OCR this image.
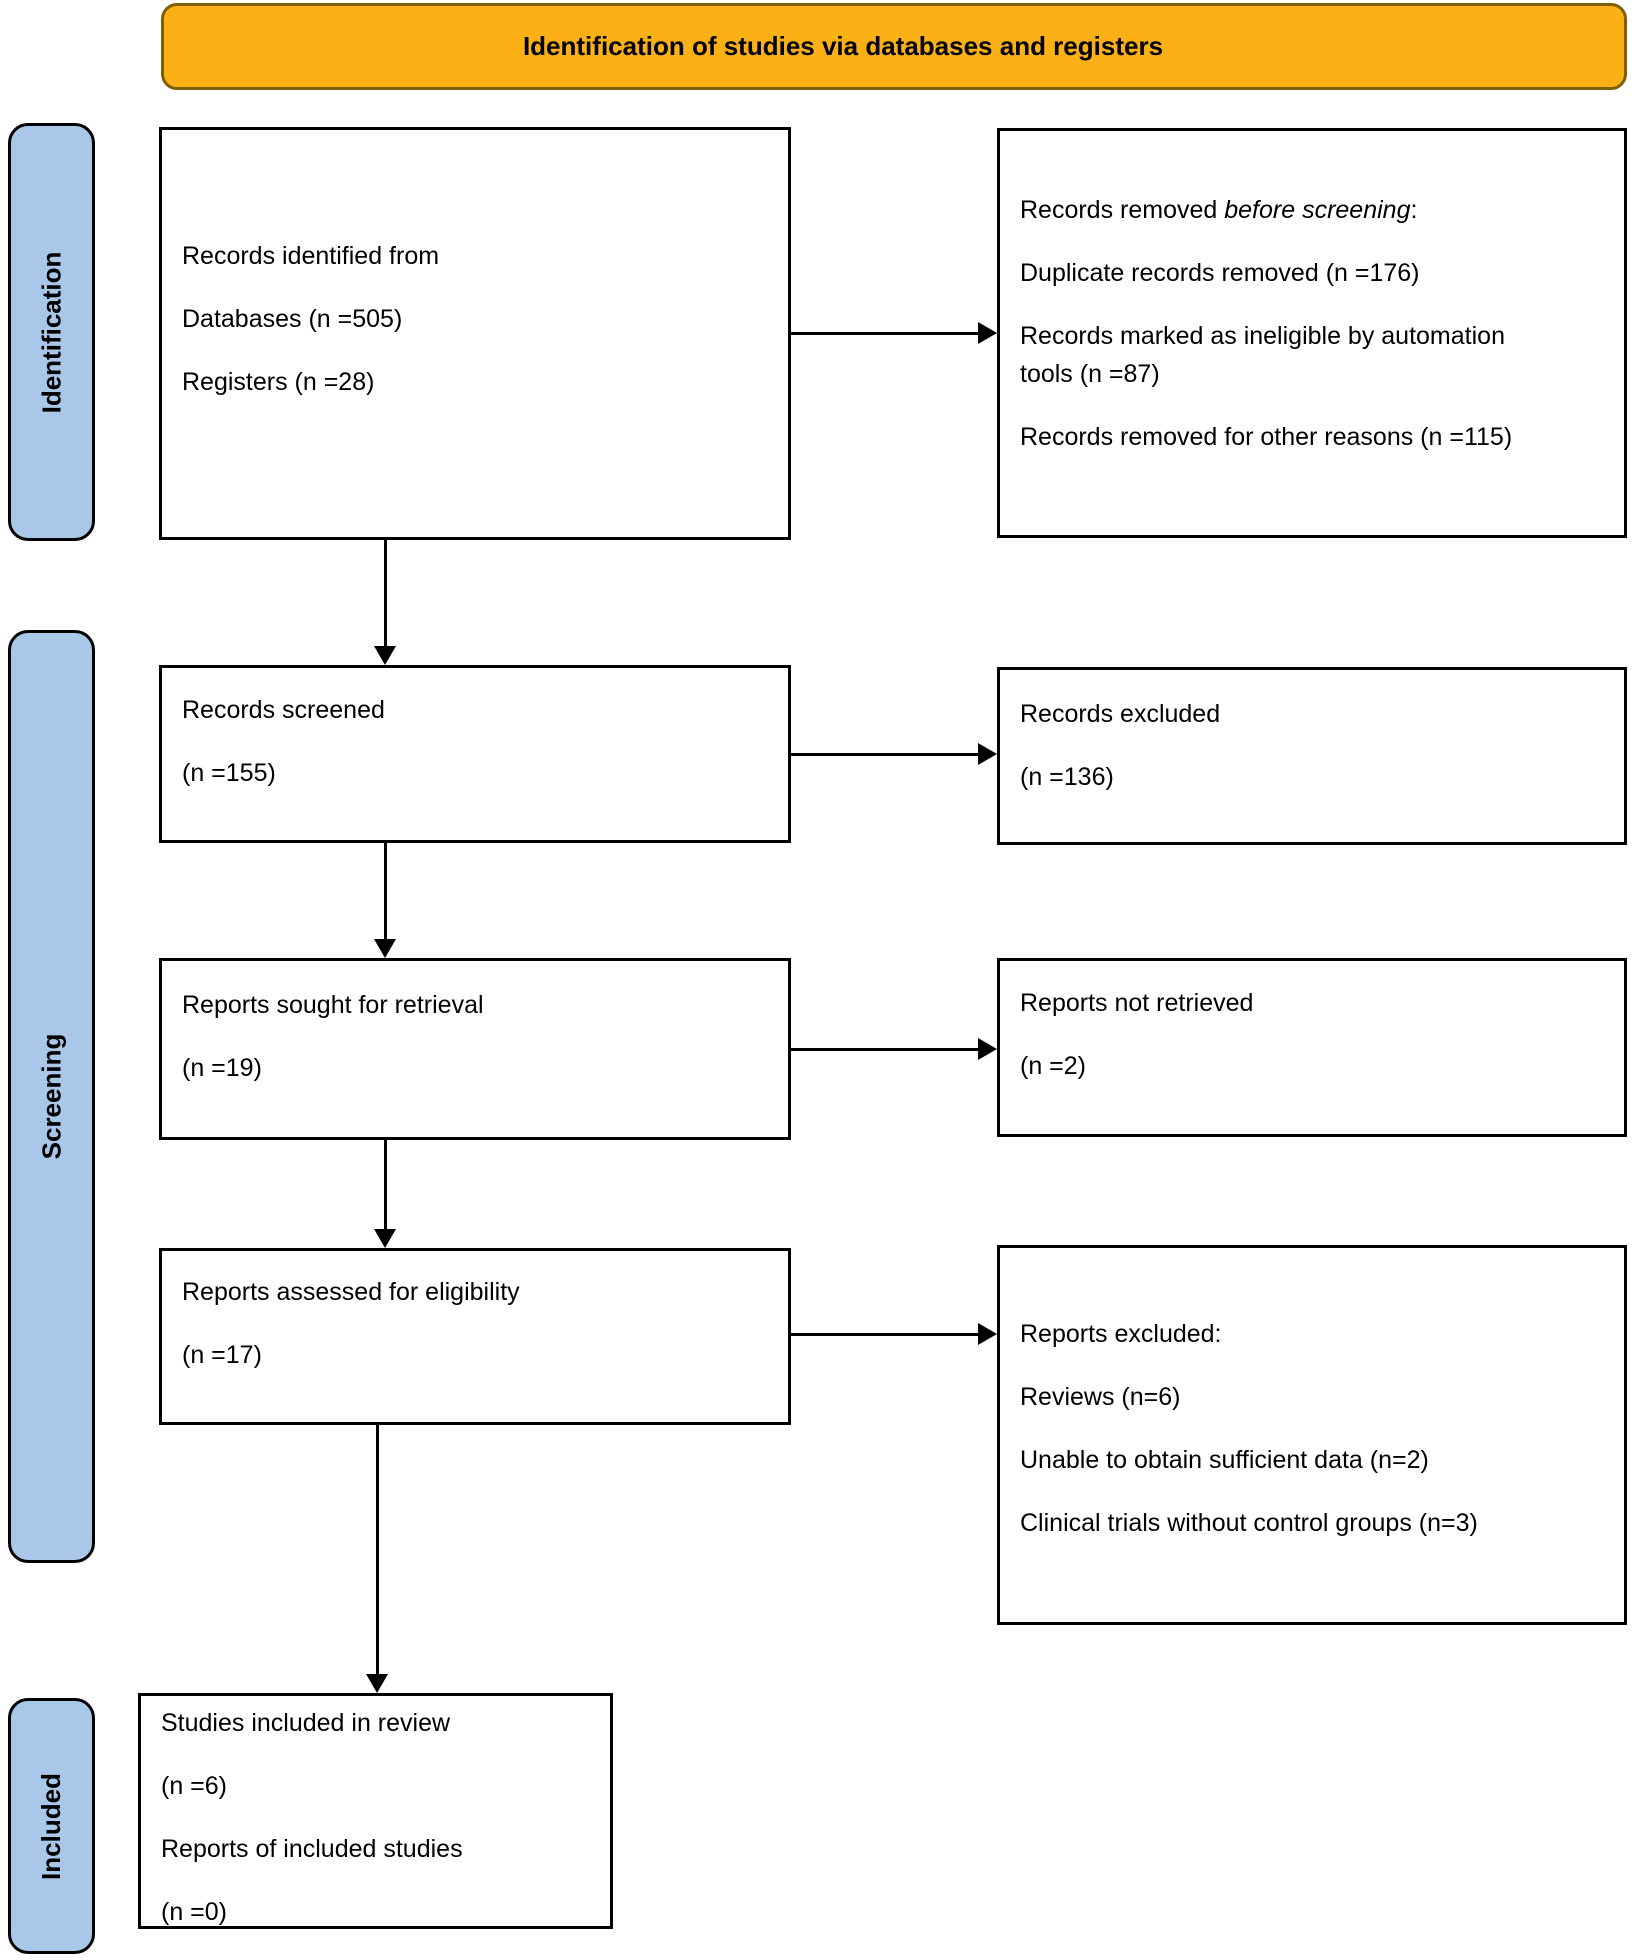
Identification of studies via databases and registers
Identification
Screening
Included

Records identified from

Databases (n =505)

Registers (n =28)

Records removed before screening:

Duplicate records removed (n =176)

Records marked as ineligible by automation
tools (n =87)

Records removed for other reasons (n =115)

Records screened

(n =155)

Records excluded

(n =136)

Reports sought for retrieval

(n =19)

Reports not retrieved

(n =2)

Reports assessed for eligibility

(n =17)

Reports excluded:

Reviews (n=6)

Unable to obtain sufficient data (n=2)

Clinical trials without control groups (n=3)

Studies included in review

(n =6)

Reports of included studies

(n =0)
